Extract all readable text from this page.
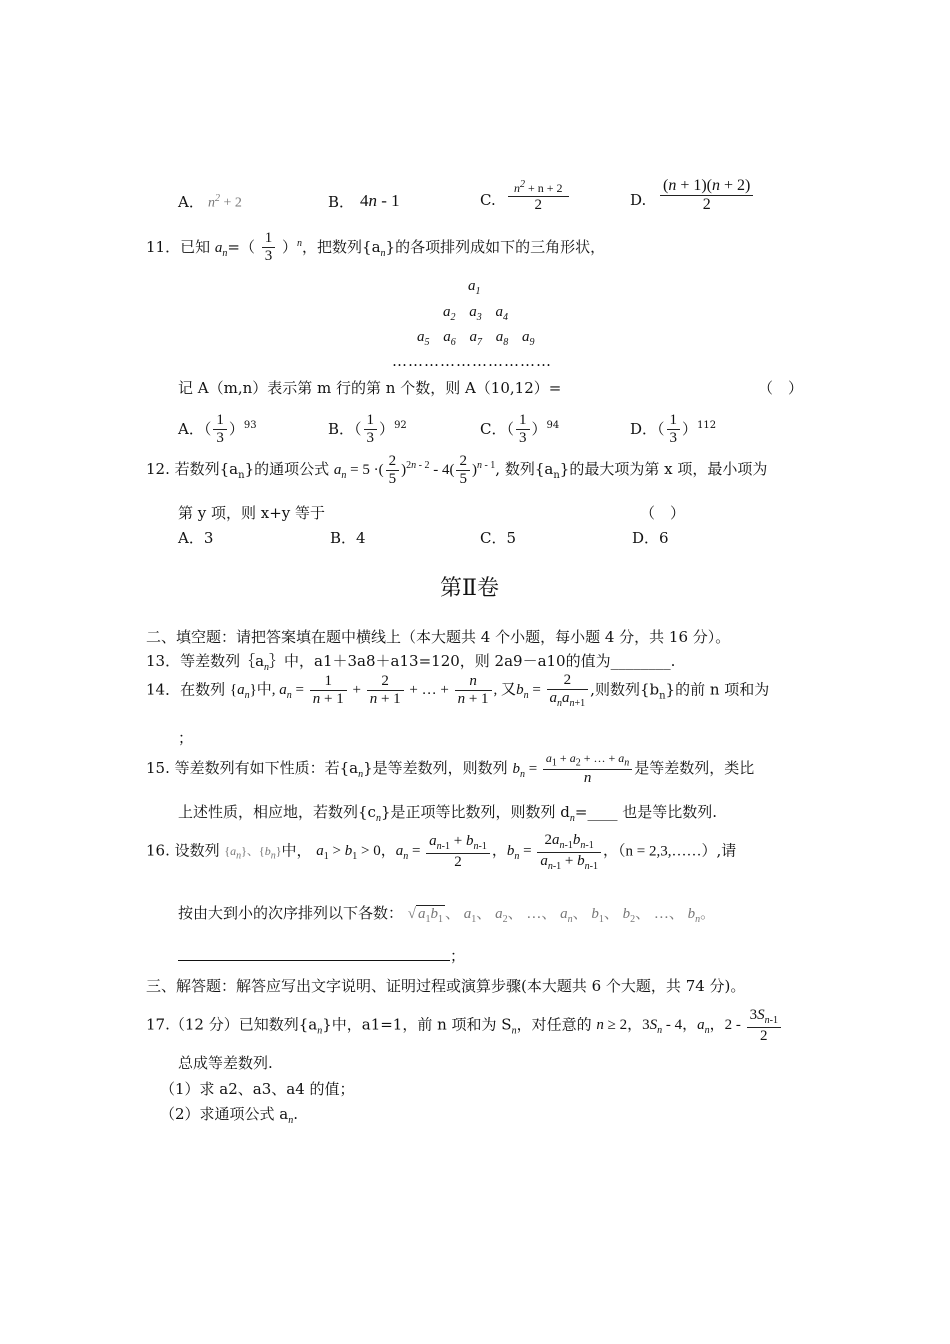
A． $n^2 + 2$	B． 4n - 1	C. $\frac{n^2 + n + 2}{2}$	D. $\frac{(n + 1)(n + 2)}{2}$
11．已知 $a_n=( \frac{1}{3} )^n$，把数列$\{a_n\}$的各项排列成如下的三角形状，
$a_1$
$a_2$ $a_3$ $a_4$
$a_5$ $a_6$ $a_7$ $a_8$ $a_9$
…………………………
记 A（m,n）表示第 m 行的第 n 个数，则 A（10,12）=	（　）
A．（ $\frac{1}{3} )^{93}$	B．（ $\frac{1}{3} )^{92}$	C．（ $\frac{1}{3} )^{94}$	D．（ $\frac{1}{3} )^{112}$
12. 若数列$\{a_n\}$的通项公式 $a_n = 5$ ·( $\frac{2}{5} )^{2n - 2} - 4( \frac{2}{5} )^{n - 1}$, 数列$\{a_n\}$的最大项为第 x 项，最小项为
第 y 项，则 x+y 等于	（　）
A．3	B．4	C．5	D．6
第Ⅱ卷
二、填空题：请把答案填在题中横线上（本大题共 4 个小题，每小题 4 分，共 16 分）。
13．等差数列$\{a_n\}$中，a1＋3a8＋a13=120，则 2a9－a10的值为________.
14．在数列 $\{a_n\}$中, $a_n = \frac{1}{n + 1} + \frac{2}{n + 1}$ + … + $\frac{n}{n + 1}$ , 又$b_n = \frac{2}{a_na_{n+1}}$ ,则数列$\{b_n\}$的前 n 项和为
；
15. 等差数列有如下性质：若$\{a_n\}$是等差数列，则数列 $b_n = \frac{a_1 + a_2 + \dots + a_n}{n}$ 是等差数列，类比
上述性质，相应地，若数列$\{c_n\}$是正项等比数列，则数列 $d_n=\_\_\_\_$ 也是等比数列.
16. 设数列 $\{a_n\}$、$\{b_n\}$中， $a_1 > b_1 > 0$，$a_n = \frac{a_{n-1} + b_{n-1}}{2}$ ，$b_n = \frac{2a_{n-1}b_{n-1}}{a_{n-1} + b_{n-1}}$ ，（n = 2,3,……）,请
按由大到小的次序排列以下各数： √ $a_1b_1$ 、 $a_1$、 $a_2$、 …、 $a_n$、 $b_1$、 $b_2$、 …、 $b_n$。
；
三、解答题：解答应写出文字说明、证明过程或演算步骤(本大题共 6 个大题，共 74 分)。
17.（12 分）已知数列$\{a_n\}$中，a1=1，前 n 项和为 $S_n$，对任意的 n ≥ 2，$3S_n - 4$，$a_n$，$2 - \frac{3S_{n-1}}{2}$
总成等差数列.
（1）求 a2、a3、a4 的值；
（2）求通项公式 $a_n$.
